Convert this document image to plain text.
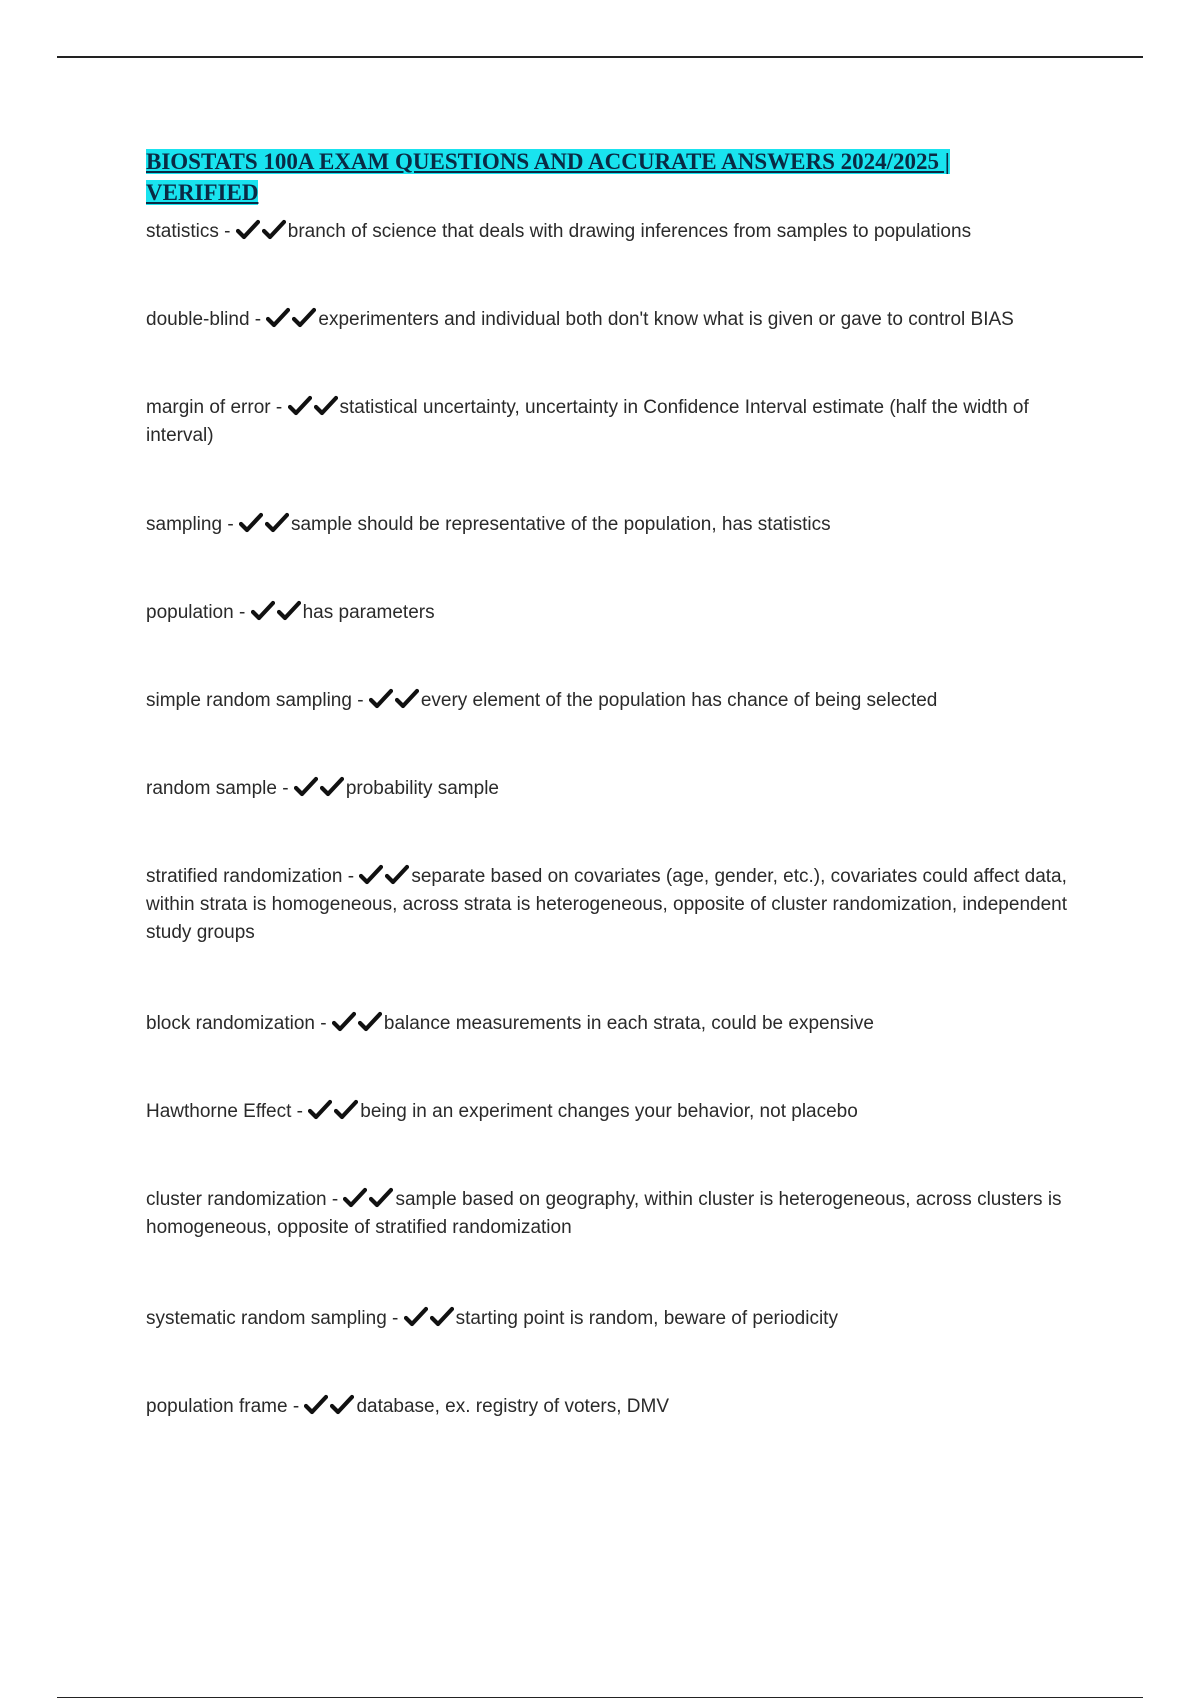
BIOSTATS 100A EXAM QUESTIONS AND ACCURATE ANSWERS 2024/2025 | VERIFIED

statistics -	branch of science that deals with drawing inferences from samples to populations

double-blind -	experimenters and individual both don't know what is given or gave to control BIAS

margin of error -	statistical uncertainty, uncertainty in Confidence Interval estimate (half the width of interval)

sampling -	sample should be representative of the population, has statistics

population -	has parameters

simple random sampling -	every element of the population has chance of being selected

random sample -	probability sample

stratified randomization -	separate based on covariates (age, gender, etc.), covariates could affect data, within strata is homogeneous, across strata is heterogeneous, opposite of cluster randomization, independent study groups

block randomization -	balance measurements in each strata, could be expensive

Hawthorne Effect -	being in an experiment changes your behavior, not placebo

cluster randomization -	sample based on geography, within cluster is heterogeneous, across clusters is homogeneous, opposite of stratified randomization

systematic random sampling -	starting point is random, beware of periodicity

population frame -	database, ex. registry of voters, DMV
